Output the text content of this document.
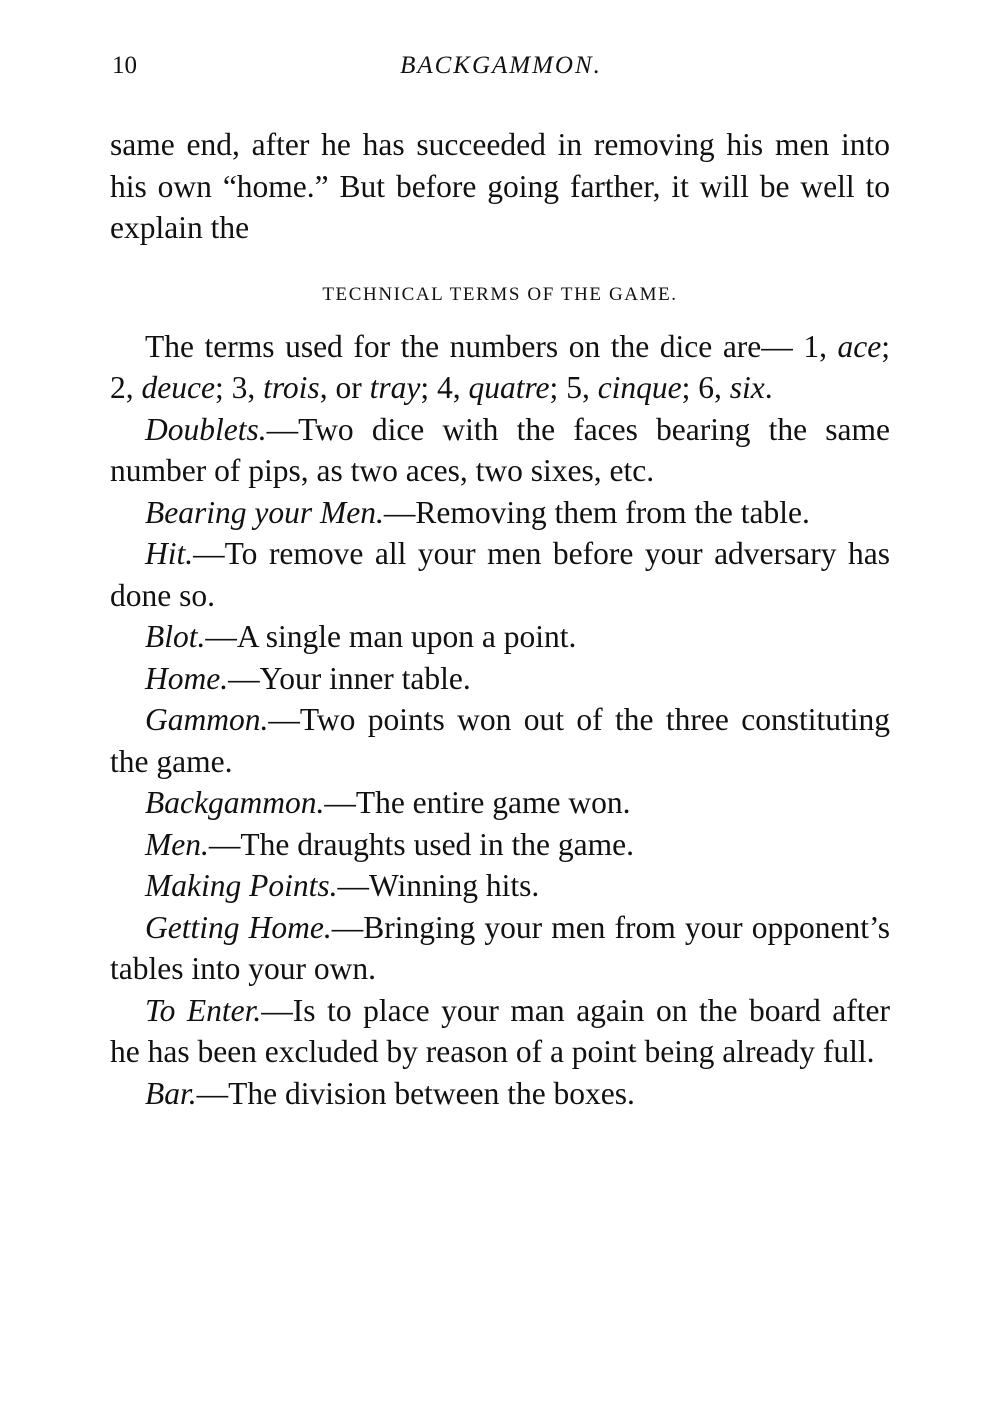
10	BACKGAMMON.

same end, after he has succeeded in removing his men into his own “home.” But before going farther, it will be well to explain the

TECHNICAL TERMS OF THE GAME.

The terms used for the numbers on the dice are— 1, ace; 2, deuce; 3, trois, or tray; 4, quatre; 5, cinque; 6, six.

Doublets.—Two dice with the faces bearing the same number of pips, as two aces, two sixes, etc.

Bearing your Men.—Removing them from the table.

Hit.—To remove all your men before your adversary has done so.

Blot.—A single man upon a point.

Home.—Your inner table.

Gammon.—Two points won out of the three constituting the game.

Backgammon.—The entire game won.

Men.—The draughts used in the game.

Making Points.—Winning hits.

Getting Home.—Bringing your men from your opponent’s tables into your own.

To Enter.—Is to place your man again on the board after he has been excluded by reason of a point being already full.

Bar.—The division between the boxes.
